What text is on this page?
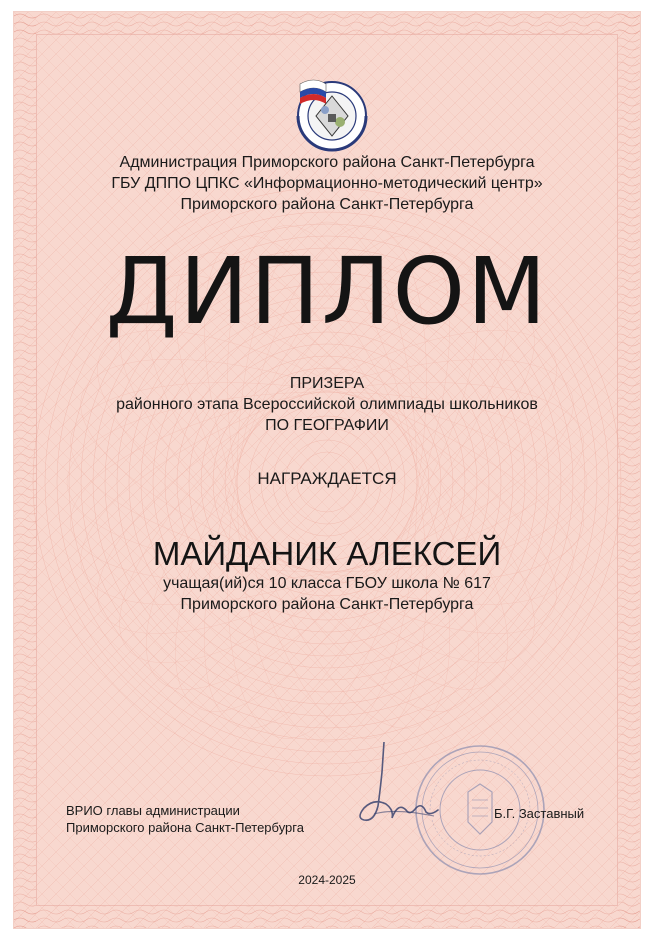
Администрация Приморского района Санкт-Петербурга
ГБУ ДППО ЦПКС «Информационно-методический центр»
Приморского района Санкт-Петербурга
ДИПЛОМ
ПРИЗЕРА
районного этапа Всероссийской олимпиады школьников
ПО ГЕОГРАФИИ
НАГРАЖДАЕТСЯ
МАЙДАНИК АЛЕКСЕЙ
учащая(ий)ся 10 класса ГБОУ школа № 617
Приморского района Санкт-Петербурга
ВРИО главы администрации
Приморского района Санкт-Петербурга
Б.Г. Заставный
2024-2025
